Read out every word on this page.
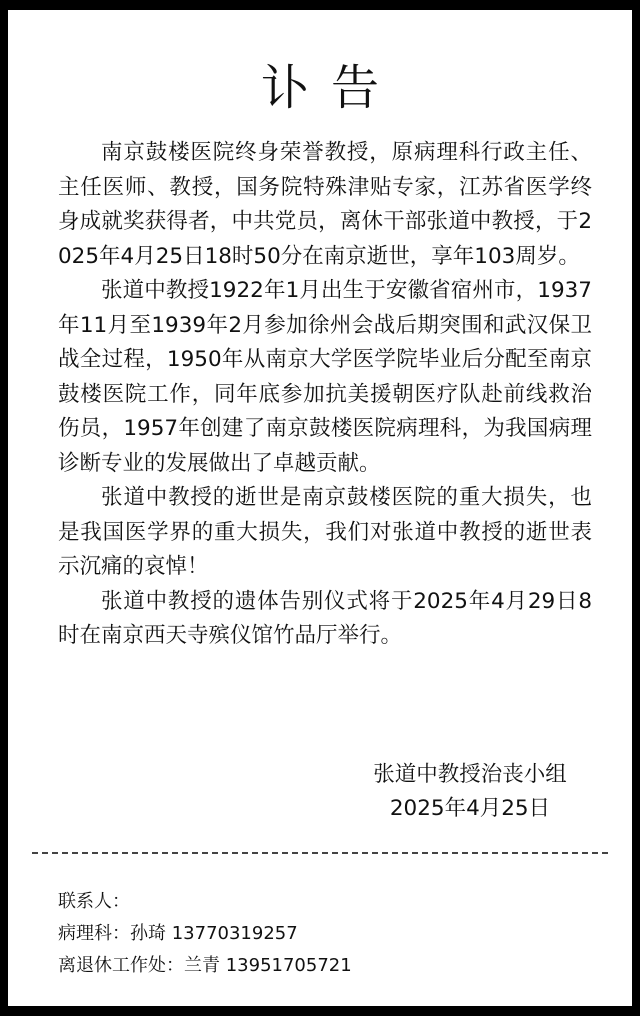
讣告

南京鼓楼医院终身荣誉教授，原病理科行政主任、主任医师、教授，国务院特殊津贴专家，江苏省医学终身成就奖获得者，中共党员，离休干部张道中教授，于2025年4月25日18时50分在南京逝世，享年103周岁。

张道中教授1922年1月出生于安徽省宿州市，1937年11月至1939年2月参加徐州会战后期突围和武汉保卫战全过程，1950年从南京大学医学院毕业后分配至南京鼓楼医院工作，同年底参加抗美援朝医疗队赴前线救治伤员，1957年创建了南京鼓楼医院病理科，为我国病理诊断专业的发展做出了卓越贡献。

张道中教授的逝世是南京鼓楼医院的重大损失，也是我国医学界的重大损失，我们对张道中教授的逝世表示沉痛的哀悼！

张道中教授的遗体告别仪式将于2025年4月29日8时在南京西天寺殡仪馆竹品厅举行。

张道中教授治丧小组
2025年4月25日
联系人：
病理科：孙琦 13770319257
离退休工作处：兰青 13951705721
